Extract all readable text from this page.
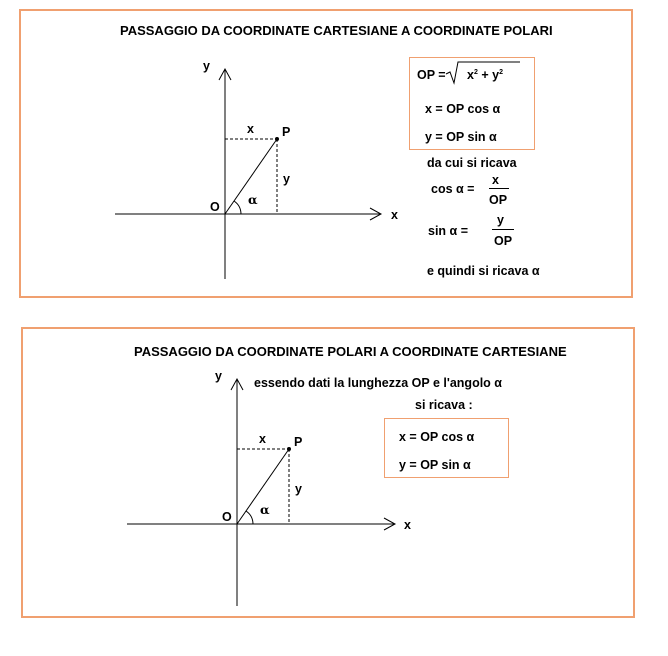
PASSAGGIO DA COORDINATE CARTESIANE A COORDINATE POLARI
y
x
O
P
x
y
α
OP = $x^2 + y^2$
x = OP cos α
y = OP sin α
da cui si ricava
cos α =
x
OP
sin α =
y
OP
e quindi si ricava α
PASSAGGIO DA COORDINATE POLARI A COORDINATE CARTESIANE
y
x
O
P
x
y
α
essendo dati la lunghezza OP e l'angolo α
si ricava :
x = OP cos α
y = OP sin α
